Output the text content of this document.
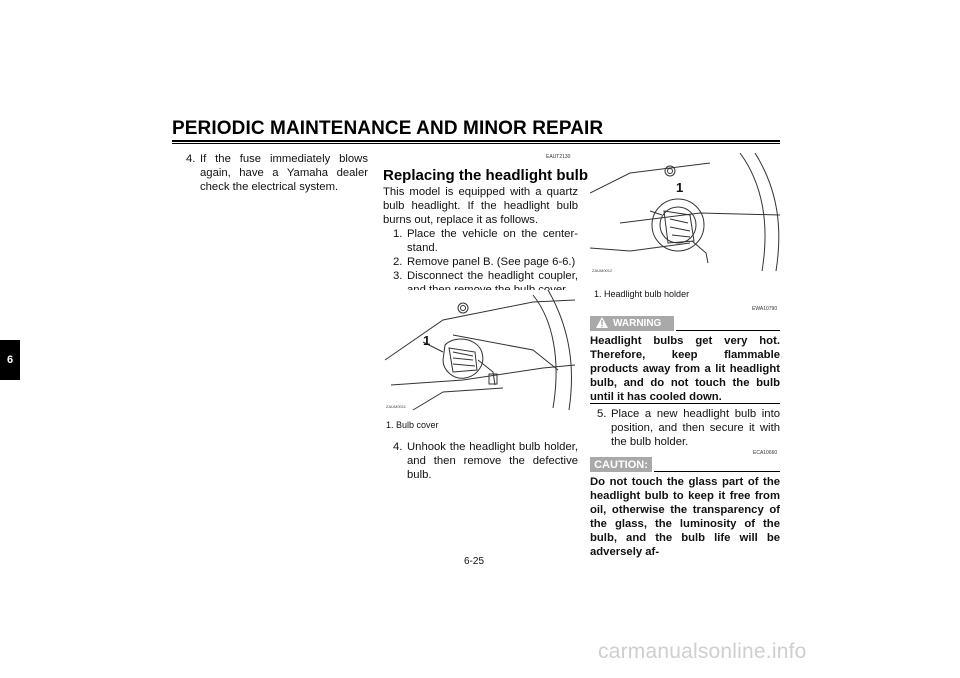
PERIODIC MAINTENANCE AND MINOR REPAIR
6
4. If the fuse immediately blows again, have a Yamaha dealer check the electrical system.
EAUT2130
Replacing the headlight bulb

This model is equipped with a quartz bulb headlight. If the headlight bulb burns out, replace it as follows.

1. Place the vehicle on the center-stand.
2. Remove panel B. (See page 6-6.)
3. Disconnect the headlight coupler,
1
ZAUM0011
1. Bulb cover
4. Unhook the headlight bulb holder, and then remove the defective bulb.
1
ZAUM0012
1. Headlight bulb holder
EWA10790
WARNING

Headlight bulbs get very hot. Therefore, keep flammable products away from a lit headlight bulb, and do not touch the bulb until it has cooled down.

5. Place a new headlight bulb into position, and then secure it with the bulb holder.
ECA10660
CAUTION:

Do not touch the glass part of the headlight bulb to keep it free from oil, otherwise the transparency of the glass, the luminosity of the bulb, and the bulb life will be adversely af-

6-25
carmanualsonline.info
